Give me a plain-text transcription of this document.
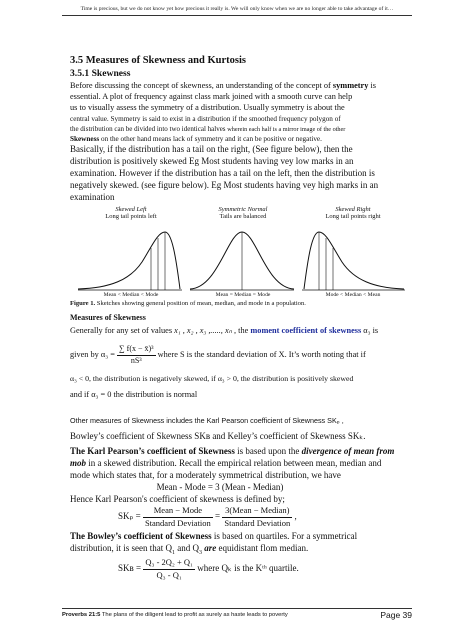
Time is precious, but we do not know yet how precious it really is. We will only know when we are no longer able to take advantage of it…
3.5 Measures of Skewness and Kurtosis
3.5.1 Skewness
Before discussing the concept of skewness, an understanding of the concept of symmetry is
essential. A plot of frequency against class mark joined with a smooth curve can help
us to visually assess the symmetry of a distribution. Usually symmetry is about the
central value. Symmetry is said to exist in a distribution if the smoothed frequency polygon of
the distribution can be divided into two identical halves wherein each half is a mirror image of the other
Skewness on the other hand means lack of symmetry and it can be positive or negative.
Basically, if the distribution has a tail on the right, (See figure below), then the
distribution is positively skewed Eg Most students having vey low marks in an
examination. However if the distribution has a tail on the left, then the distribution is
negatively skewed. (see figure below). Eg Most students having vey high marks in an
examination
Skewed Left
Long tail points left
Symmetric Normal
Tails are balanced
Skewed Right
Long tail points right
Mean < Median < Mode	Mean = Median = Mode	Mode < Median < Mean
Figure 1. Sketches showing general position of mean, median, and mode in a population.
Measures of Skewness
Generally for any set of values x₁ , x₂ , x₃ ,....., xₙ , the moment coefficient of skewness α₃ is
given by $\alpha_3 = \frac{\text{∑ f(x − x̄)³}}{\text{nS³}}$ where S is the standard deviation of X. It’s worth noting that if
α₃ < 0, the distribution is negatively skewed, if α₃ > 0, the distribution is positively skewed
and if α₃ = 0 the distribution is normal
Other measures of Skewness includes the Karl Pearson coefficient of Skewness SKₚ ,
Bowley’s coefficient of Skewness SKʙ and Kelley’s coefficient of Skewness SKₖ.
The Karl Pearson’s coefficient of Skewness is based upon the divergence of mean from
mob in a skewed distribution. Recall the empirical relation between mean, median and
mode which states that, for a moderately symmetrical distribution, we have
Mean - Mode = 3 (Mean - Median)
Hence Karl Pearson's coefficient of skewness is defined by;
$SK_p = \frac{\text{Mean − Mode}}{\text{Standard Deviation}} = \frac{\text{3(Mean − Median)}}{\text{Standard Deviation}}$ ,
The Bowley’s coefficient of Skewness is based on quartiles. For a symmetrical
distribution, it is seen that $Q_1$ and $Q_3$ are equidistant flom median.
SKʙ = $\frac{\text{Q₃ - 2Q₂ + Q₁}}{\text{Q₃ - Q₁}}$ where Qₖ is the Kᵗʰ quartile.
Proverbs 21:5 The plans of the diligent lead to profit as surely as haste leads to poverty	Page 39
